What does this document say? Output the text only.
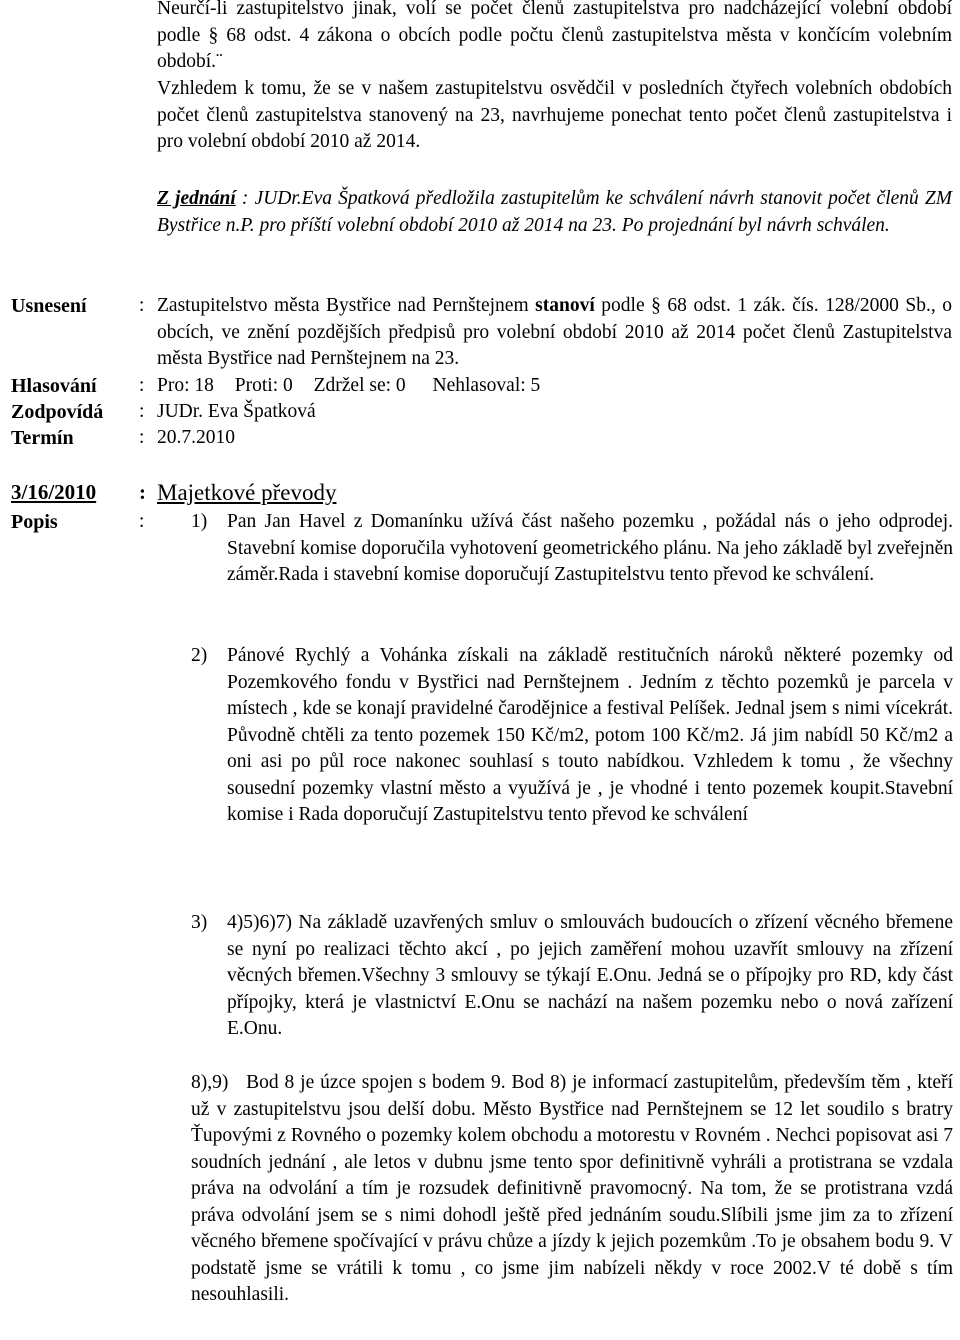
Neurčí-li zastupitelstvo jinak, volí se počet členů zastupitelstva pro nadcházející volební období podle § 68 odst. 4 zákona o obcích podle počtu členů zastupitelstva města v končícím volebním období.¨
Vzhledem k tomu, že se v našem zastupitelstvu osvědčil v posledních čtyřech volebních obdobích počet členů zastupitelstva stanovený na 23, navrhujeme ponechat tento počet členů zastupitelstva i pro volební období 2010 až 2014.
Z jednání : JUDr.Eva Špatková předložila zastupitelům ke schválení návrh stanovit počet členů ZM Bystřice n.P. pro příští volební období 2010 až 2014 na 23. Po projednání byl návrh schválen.
Usnesení	: Zastupitelstvo města Bystřice nad Pernštejnem stanoví podle § 68 odst. 1 zák. čís. 128/2000 Sb., o obcích, ve znění pozdějších předpisů pro volební období 2010 až 2014 počet členů Zastupitelstva města Bystřice nad Pernštejnem na 23.
Hlasování : Pro: 18 Proti: 0 Zdržel se: 0 Nehlasoval: 5
Zodpovídá : JUDr. Eva Špatková
Termín	: 20.7.2010
3/16/2010 : Majetkové převody
Popis	: 1) Pan Jan Havel z Domanínku užívá část našeho pozemku , požádal nás o jeho odprodej. Stavební komise doporučila vyhotovení geometrického plánu. Na jeho základě byl zveřejněn záměr.Rada i stavební komise doporučují Zastupitelstvu tento převod ke schválení.
2) Pánové Rychlý a Vohánka získali na základě restitučních nároků některé pozemky od Pozemkového fondu v Bystřici nad Pernštejnem . Jedním z těchto pozemků je parcela v místech , kde se konají pravidelné čarodějnice a festival Pelíšek. Jednal jsem s nimi vícekrát. Původně chtěli za tento pozemek 150 Kč/m2, potom 100 Kč/m2. Já jim nabídl 50 Kč/m2 a oni asi po půl roce nakonec souhlasí s touto nabídkou. Vzhledem k tomu , že všechny sousední pozemky vlastní město a využívá je , je vhodné i tento pozemek koupit.Stavební komise i Rada doporučují Zastupitelstvu tento převod ke schválení
3) 4)5)6)7) Na základě uzavřených smluv o smlouvách budoucích o zřízení věcného břemene se nyní po realizaci těchto akcí , po jejich zaměření mohou uzavřít smlouvy na zřízení věcných břemen.Všechny 3 smlouvy se týkají E.Onu. Jedná se o přípojky pro RD, kdy část přípojky, která je vlastnictví E.Onu se nachází na našem pozemku nebo o nová zařízení E.Onu.
8),9) Bod 8 je úzce spojen s bodem 9. Bod 8) je informací zastupitelům, především těm , kteří už v zastupitelstvu jsou delší dobu. Město Bystřice nad Pernštejnem se 12 let soudilo s bratry Ťupovými z Rovného o pozemky kolem obchodu a motorestu v Rovném . Nechci popisovat asi 7 soudních jednání , ale letos v dubnu jsme tento spor definitivně vyhráli a protistrana se vzdala práva na odvolání a tím je rozsudek definitivně pravomocný. Na tom, že se protistrana vzdá práva odvolání jsem se s nimi dohodl ještě před jednáním soudu.Slíbili jsme jim za to zřízení věcného břemene spočívající v právu chůze a jízdy k jejich pozemkům .To je obsahem bodu 9. V podstatě jsme se vrátili k tomu , co jsme jim nabízeli někdy v roce 2002.V té době s tím nesouhlasili.
